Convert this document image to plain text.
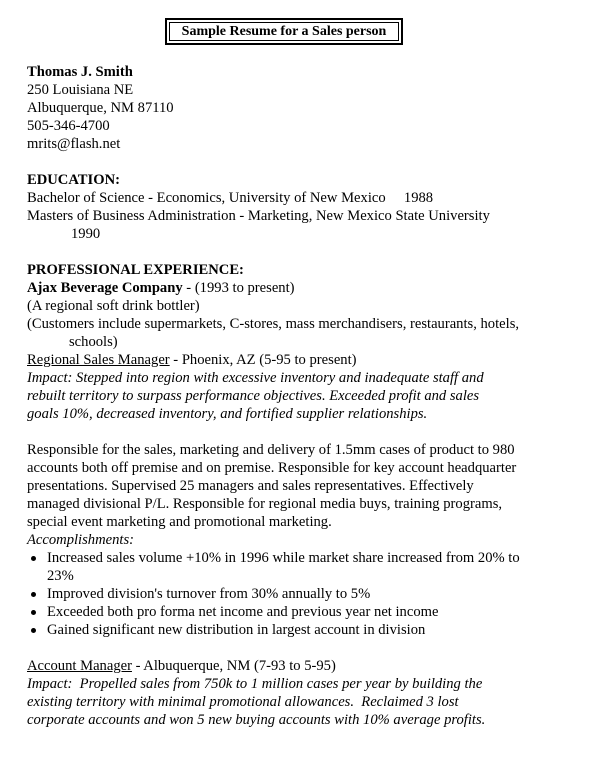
Sample Resume for a Sales person
Thomas J. Smith
250 Louisiana NE
Albuquerque, NM 87110
505-346-4700
mrits@flash.net
EDUCATION:
Bachelor of Science - Economics, University of New Mexico     1988
Masters of Business Administration - Marketing, New Mexico State University
1990
PROFESSIONAL EXPERIENCE:
Ajax Beverage Company - (1993 to present)
(A regional soft drink bottler)
(Customers include supermarkets, C-stores, mass merchandisers, restaurants, hotels,
schools)
Regional Sales Manager - Phoenix, AZ (5-95 to present)
Impact: Stepped into region with excessive inventory and inadequate staff and
rebuilt territory to surpass performance objectives. Exceeded profit and sales
goals 10%, decreased inventory, and fortified supplier relationships.
Responsible for the sales, marketing and delivery of 1.5mm cases of product to 980
accounts both off premise and on premise. Responsible for key account headquarter
presentations. Supervised 25 managers and sales representatives. Effectively
managed divisional P/L. Responsible for regional media buys, training programs,
special event marketing and promotional marketing.
Accomplishments:
Increased sales volume +10% in 1996 while market share increased from 20% to
23%
Improved division's turnover from 30% annually to 5%
Exceeded both pro forma net income and previous year net income
Gained significant new distribution in largest account in division
Account Manager - Albuquerque, NM (7-93 to 5-95)
Impact:  Propelled sales from 750k to 1 million cases per year by building the
existing territory with minimal promotional allowances.  Reclaimed 3 lost
corporate accounts and won 5 new buying accounts with 10% average profits.
